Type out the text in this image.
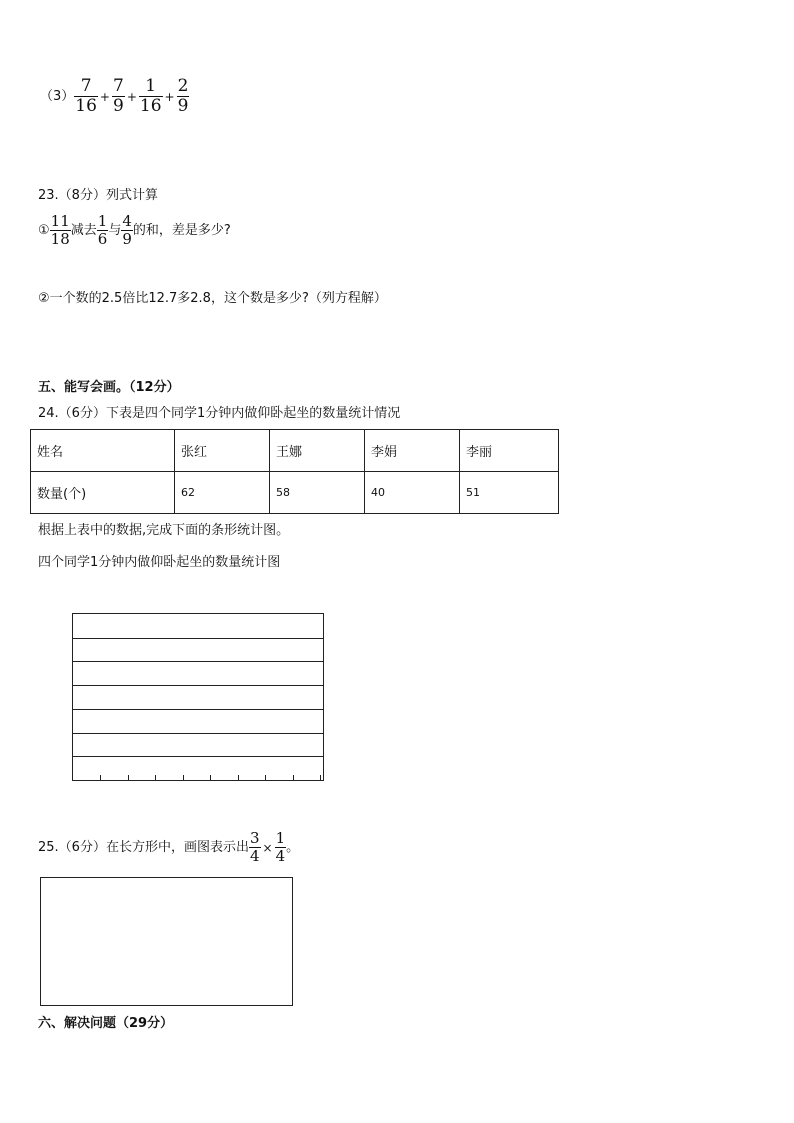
$(3) \frac{7}{16} + \frac{7}{9} + \frac{1}{16} + \frac{2}{9}$
23.（8分）列式计算
① $\frac{11}{18}$ 减去 $\frac{1}{6}$ 与 $\frac{4}{9}$ 的和，差是多少?
②一个数的2.5倍比12.7多2.8，这个数是多少?（列方程解）
五、能写会画。（12分）
24.（6分）下表是四个同学1分钟内做仰卧起坐的数量统计情况
姓名	张红	王娜	李娟	李丽
数量(个)	62	58	40	51
根据上表中的数据,完成下面的条形统计图。
四个同学1分钟内做仰卧起坐的数量统计图
25.（6分）在长方形中，画图表示出 $\frac{3}{4} \times \frac{1}{4}$ 。
六、解决问题（29分）
